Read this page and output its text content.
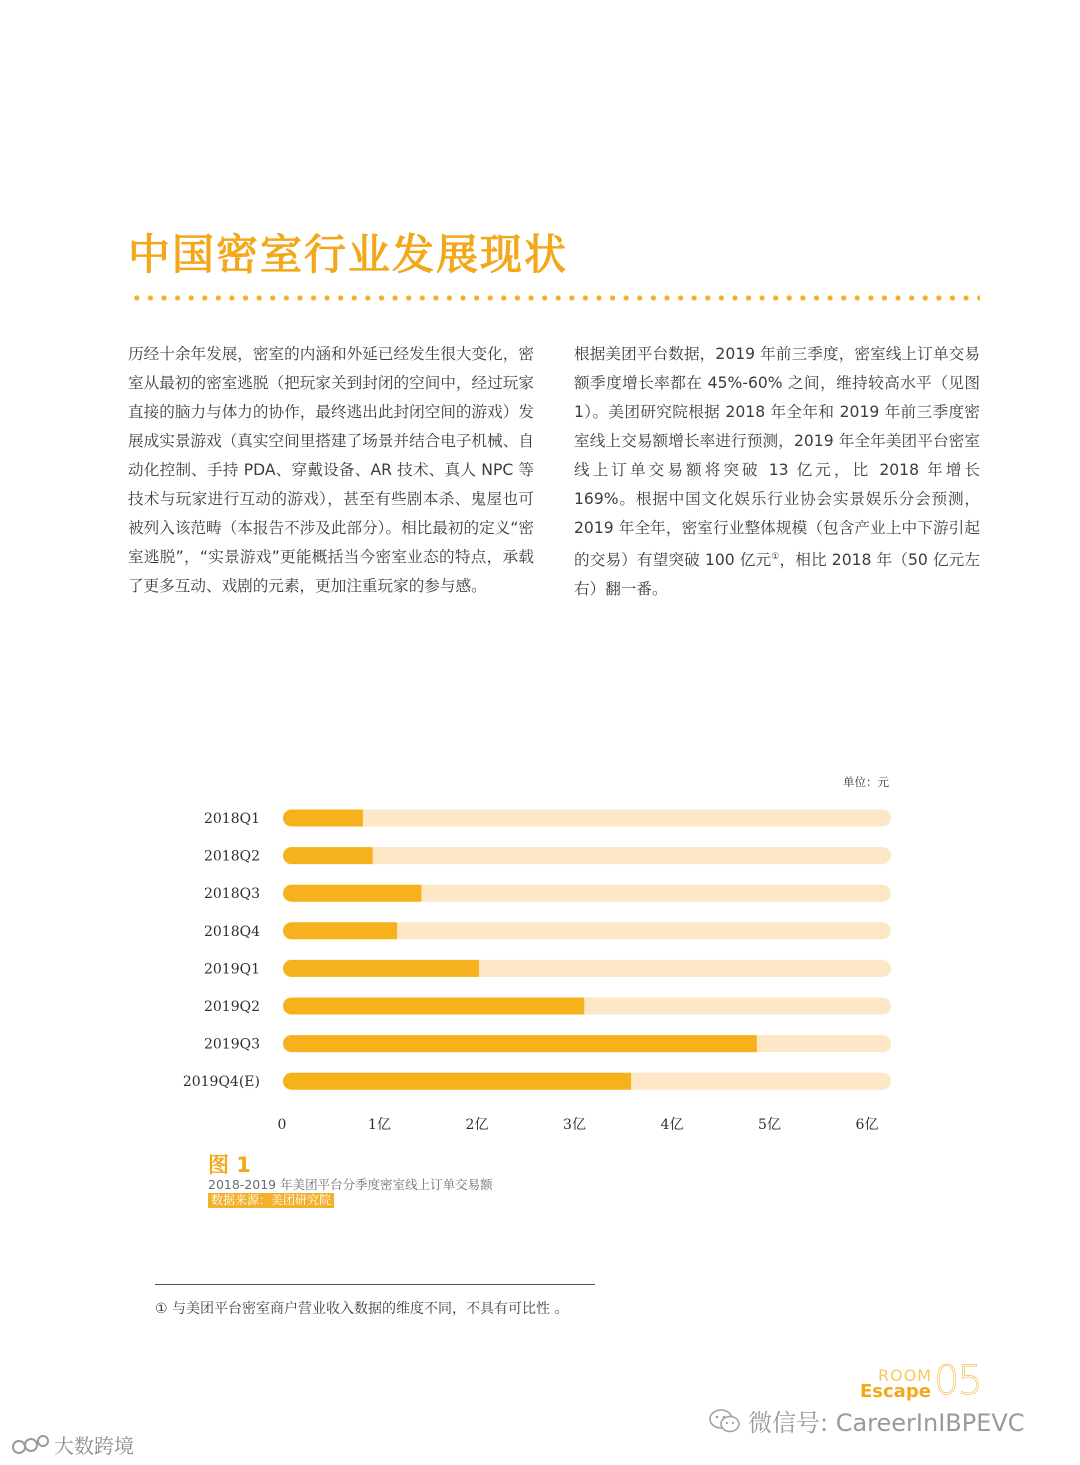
中国密室行业发展现状

历经十余年发展，密室的内涵和外延已经发生很大变化，密室从最初的密室逃脱（把玩家关到封闭的空间中，经过玩家直接的脑力与体力的协作，最终逃出此封闭空间的游戏）发展成实景游戏（真实空间里搭建了场景并结合电子机械、自动化控制、手持 PDA、穿戴设备、AR 技术、真人 NPC 等技术与玩家进行互动的游戏），甚至有些剧本杀、鬼屋也可被列入该范畴（本报告不涉及此部分）。相比最初的定义“密室逃脱”，“实景游戏”更能概括当今密室业态的特点，承载了更多互动、戏剧的元素，更加注重玩家的参与感。

根据美团平台数据，2019 年前三季度，密室线上订单交易额季度增长率都在 45%-60% 之间，维持较高水平（见图 1）。美团研究院根据 2018 年全年和 2019 年前三季度密室线上交易额增长率进行预测，2019 年全年美团平台密室线上订单交易额将突破 13 亿元，比 2018 年增长 169%。根据中国文化娱乐行业协会实景娱乐分会预测，2019 年全年，密室行业整体规模（包含产业上中下游引起的交易）有望突破 100 亿元①，相比 2018 年（50 亿元左右）翻一番。

单位：元
2018Q1
2018Q2
2018Q3
2018Q4
2019Q1
2019Q2
2019Q3
2019Q4(E)
0	1亿	2亿	3亿	4亿	5亿	6亿

图 1

2018-2019 年美团平台分季度密室线上订单交易额

数据来源：美团研究院

① 与美团平台密室商户营业收入数据的维度不同，不具有可比性 。

ROOM
Escape 05
微信号: CareerInIBPEVC
大数跨境
